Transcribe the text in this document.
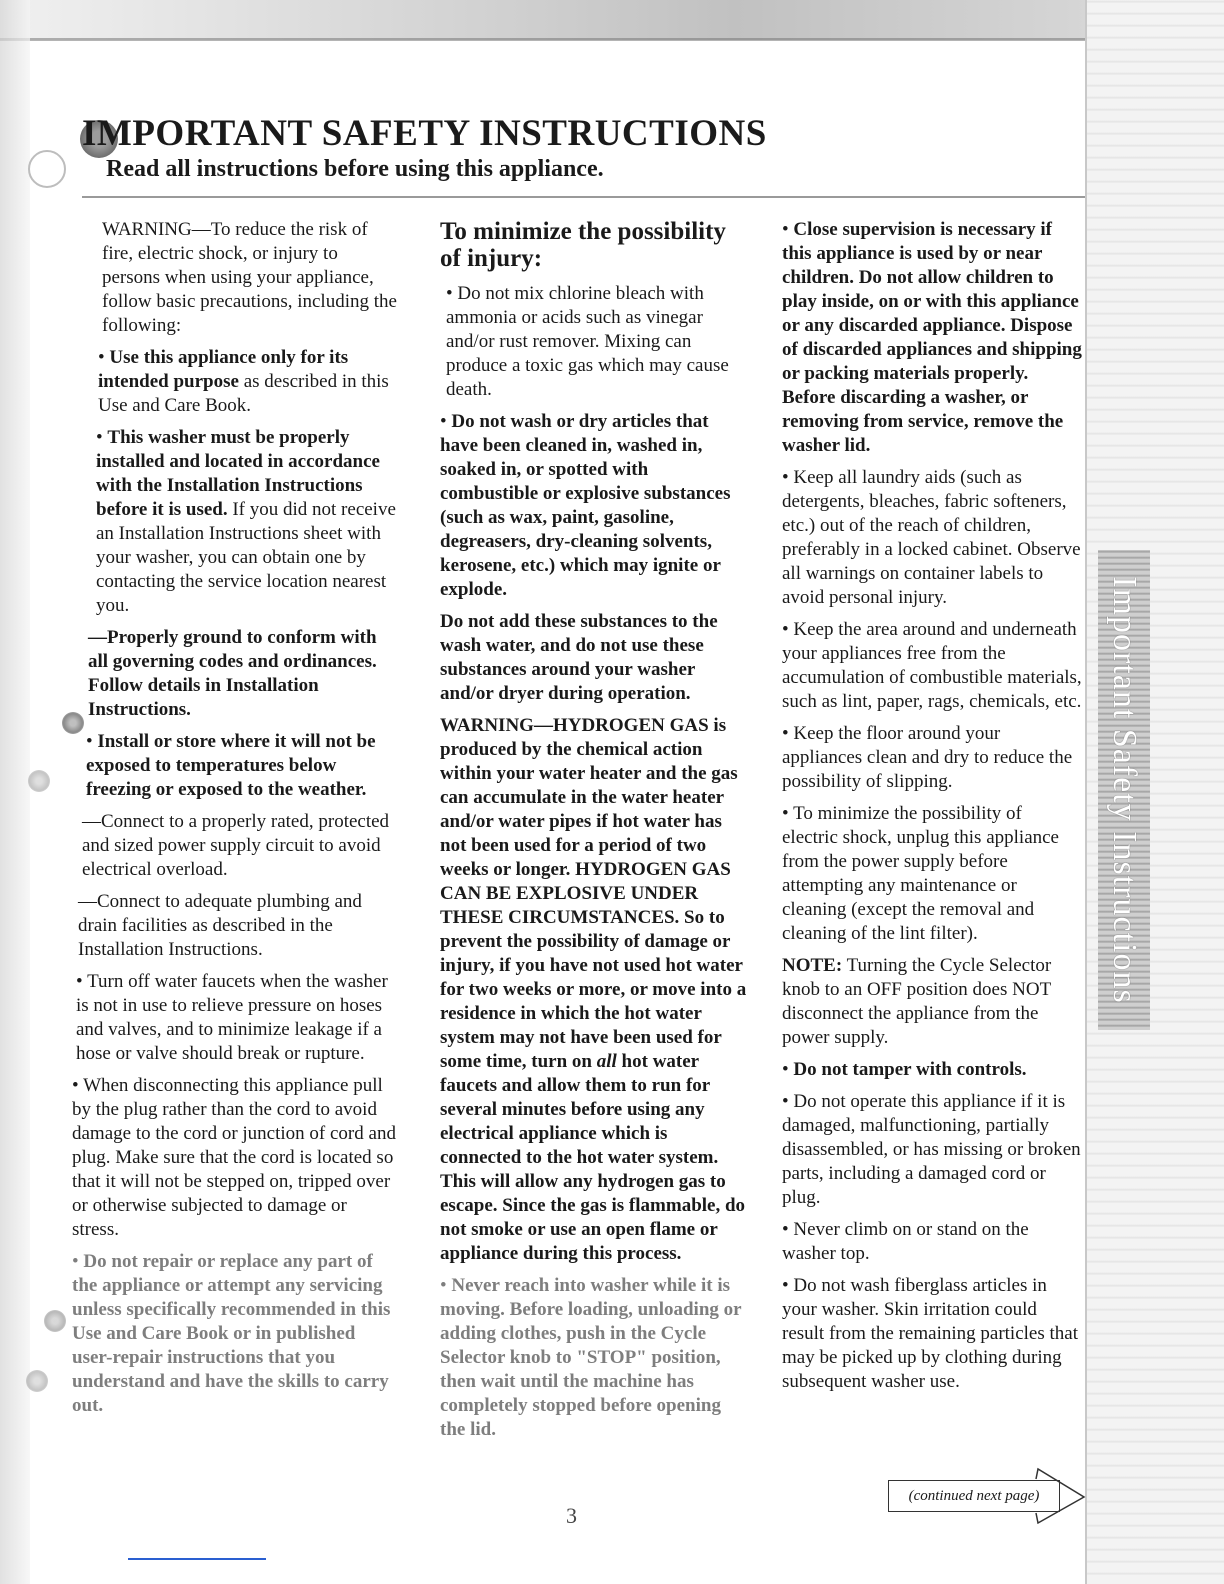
Important Safety Instructions
IMPORTANT SAFETY INSTRUCTIONS
Read all instructions before using this appliance.

WARNING—To reduce the risk of fire, electric shock, or injury to persons when using your appliance, follow basic precautions, including the following:

• Use this appliance only for its intended purpose as described in this Use and Care Book.

• This washer must be properly installed and located in accordance with the Installation Instructions before it is used. If you did not receive an Installation Instructions sheet with your washer, you can obtain one by contacting the service location nearest you.

—Properly ground to conform with all governing codes and ordinances. Follow details in Installation Instructions.

• Install or store where it will not be exposed to temperatures below freezing or exposed to the weather.

—Connect to a properly rated, protected and sized power supply circuit to avoid electrical overload.

—Connect to adequate plumbing and drain facilities as described in the Installation Instructions.

• Turn off water faucets when the washer is not in use to relieve pressure on hoses and valves, and to minimize leakage if a hose or valve should break or rupture.

• When disconnecting this appliance pull by the plug rather than the cord to avoid damage to the cord or junction of cord and plug. Make sure that the cord is located so that it will not be stepped on, tripped over or otherwise subjected to damage or stress.

• Do not repair or replace any part of the appliance or attempt any servicing unless specifically recommended in this Use and Care Book or in published user-repair instructions that you understand and have the skills to carry out.

To minimize the possibility of injury:

• Do not mix chlorine bleach with ammonia or acids such as vinegar and/or rust remover. Mixing can produce a toxic gas which may cause death.

• Do not wash or dry articles that have been cleaned in, washed in, soaked in, or spotted with combustible or explosive substances (such as wax, paint, gasoline, degreasers, dry-cleaning solvents, kerosene, etc.) which may ignite or explode.

Do not add these substances to the wash water, and do not use these substances around your washer and/or dryer during operation.

WARNING—HYDROGEN GAS is produced by the chemical action within your water heater and the gas can accumulate in the water heater and/or water pipes if hot water has not been used for a period of two weeks or longer. HYDROGEN GAS CAN BE EXPLOSIVE UNDER THESE CIRCUMSTANCES. So to prevent the possibility of damage or injury, if you have not used hot water for two weeks or more, or move into a residence in which the hot water system may not have been used for some time, turn on all hot water faucets and allow them to run for several minutes before using any electrical appliance which is connected to the hot water system. This will allow any hydrogen gas to escape. Since the gas is flammable, do not smoke or use an open flame or appliance during this process.

• Never reach into washer while it is moving. Before loading, unloading or adding clothes, push in the Cycle Selector knob to "STOP" position, then wait until the machine has completely stopped before opening the lid.

• Close supervision is necessary if this appliance is used by or near children. Do not allow children to play inside, on or with this appliance or any discarded appliance. Dispose of discarded appliances and shipping or packing materials properly. Before discarding a washer, or removing from service, remove the washer lid.

• Keep all laundry aids (such as detergents, bleaches, fabric softeners, etc.) out of the reach of children, preferably in a locked cabinet. Observe all warnings on container labels to avoid personal injury.

• Keep the area around and underneath your appliances free from the accumulation of combustible materials, such as lint, paper, rags, chemicals, etc.

• Keep the floor around your appliances clean and dry to reduce the possibility of slipping.

• To minimize the possibility of electric shock, unplug this appliance from the power supply before attempting any maintenance or cleaning (except the removal and cleaning of the lint filter).

NOTE: Turning the Cycle Selector knob to an OFF position does NOT disconnect the appliance from the power supply.

• Do not tamper with controls.

• Do not operate this appliance if it is damaged, malfunctioning, partially disassembled, or has missing or broken parts, including a damaged cord or plug.

• Never climb on or stand on the washer top.

• Do not wash fiberglass articles in your washer. Skin irritation could result from the remaining particles that may be picked up by clothing during subsequent washer use.

3
(continued next page)
